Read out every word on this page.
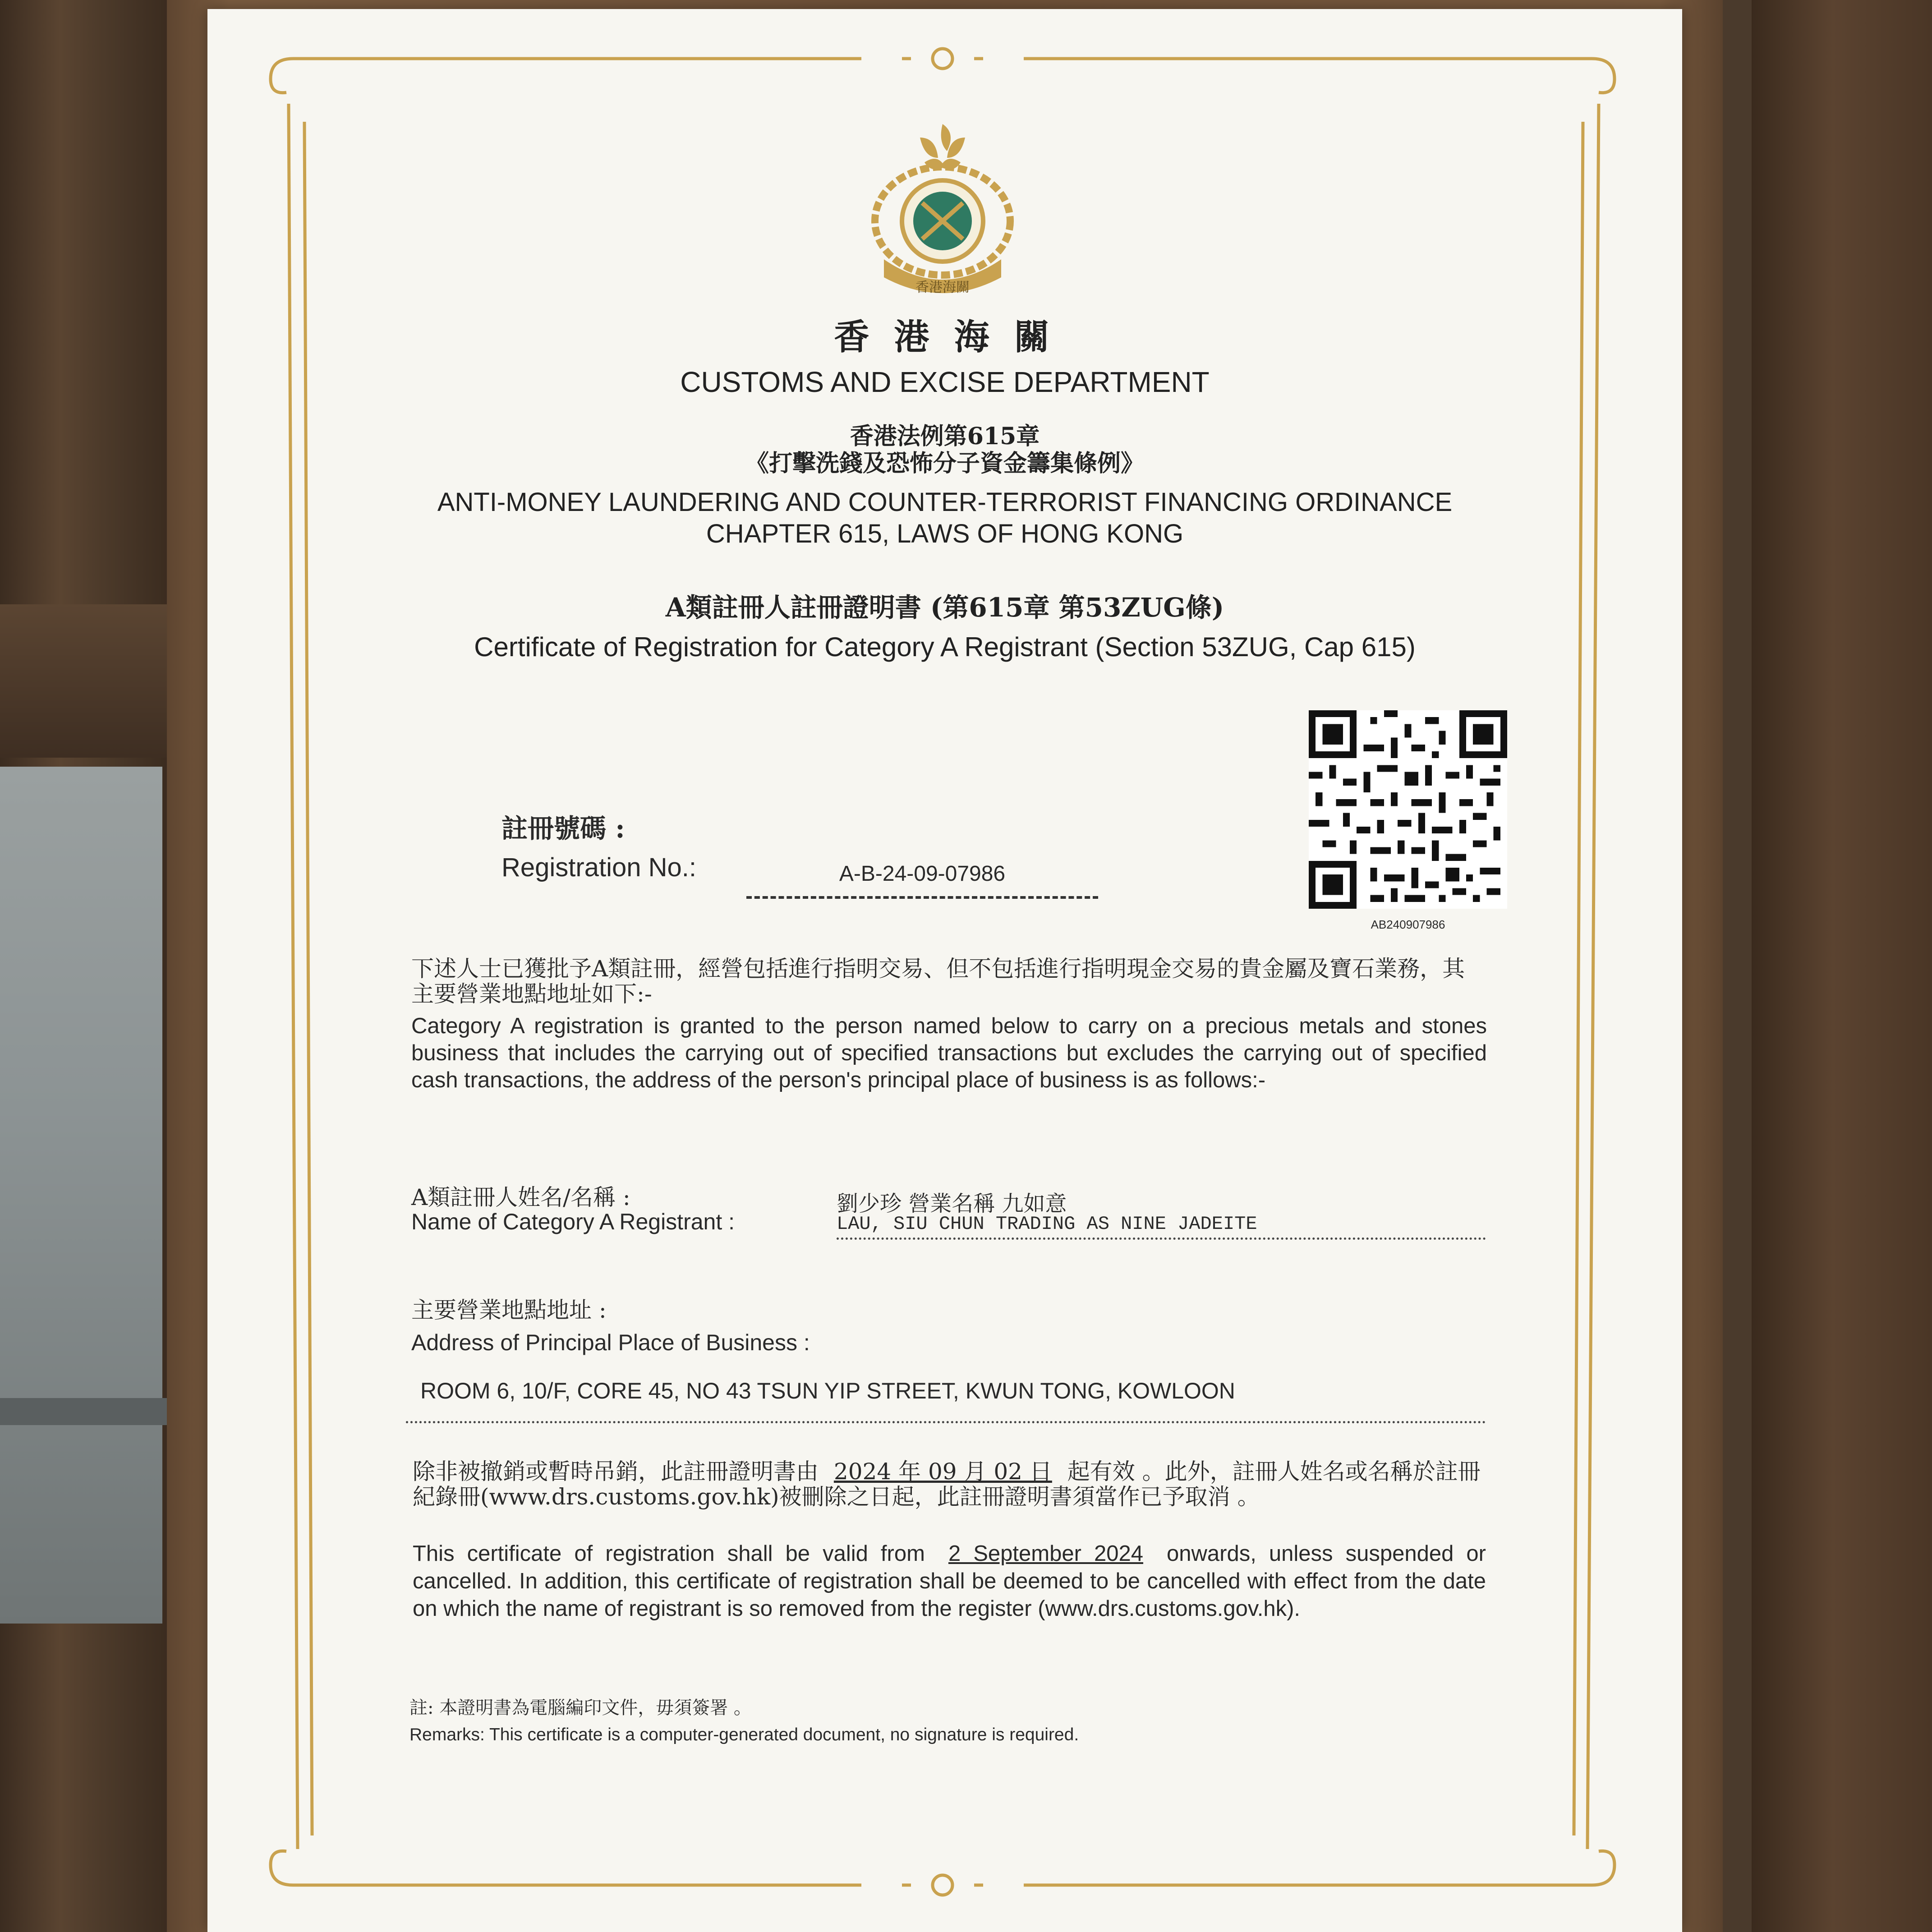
香港海關
香 港 海 關
CUSTOMS AND EXCISE DEPARTMENT
香港法例第615章
《打擊洗錢及恐怖分子資金籌集條例》
ANTI-MONEY LAUNDERING AND COUNTER-TERRORIST FINANCING ORDINANCE
CHAPTER 615, LAWS OF HONG KONG
A類註冊人註冊證明書 (第615章 第53ZUG條)
Certificate of Registration for Category A Registrant (Section 53ZUG, Cap 615)
AB240907986
註冊號碼 :
Registration No.:	A-B-24-09-07986
下述人士已獲批予A類註冊，經營包括進行指明交易、但不包括進行指明現金交易的貴金屬及寶石業務，其主要營業地點地址如下:-
Category A registration is granted to the person named below to carry on a precious metals and stones business that includes the carrying out of specified transactions but excludes the carrying out of specified cash transactions, the address of the person's principal place of business is as follows:-
A類註冊人姓名/名稱 :
Name of Category A Registrant :
劉少珍 營業名稱 九如意
LAU, SIU CHUN TRADING AS NINE JADEITE
主要營業地點地址 :
Address of Principal Place of Business :
ROOM 6, 10/F, CORE 45, NO 43 TSUN YIP STREET, KWUN TONG, KOWLOON
除非被撤銷或暫時吊銷，此註冊證明書由 2024 年 09 月 02 日 起有效 。此外，註冊人姓名或名稱於註冊紀錄冊(www.drs.customs.gov.hk)被刪除之日起，此註冊證明書須當作已予取消 。
This certificate of registration shall be valid from 2 September 2024 onwards, unless suspended or cancelled. In addition, this certificate of registration shall be deemed to be cancelled with effect from the date on which the name of registrant is so removed from the register (www.drs.customs.gov.hk).
註: 本證明書為電腦編印文件，毋須簽署 。
Remarks: This certificate is a computer-generated document, no signature is required.
